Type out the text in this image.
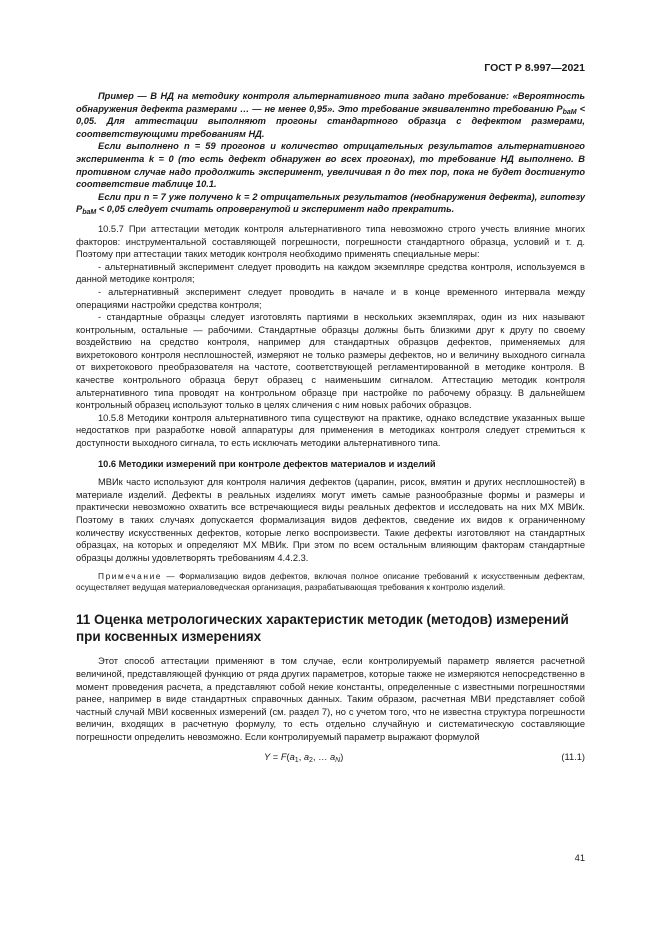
ГОСТ Р 8.997—2021

Пример — В НД на методику контроля альтернативного типа задано требование: «Вероятность обнаружения дефекта размерами … — не менее 0,95». Это требование эквивалентно требованию $P_{baM} < 0,05$. Для аттестации выполняют прогоны стандартного образца с дефектом размерами, соответствующими требованиям НД.

Если выполнено n = 59 прогонов и количество отрицательных результатов альтернативного эксперимента k = 0 (то есть дефект обнаружен во всех прогонах), то требование НД выполнено. В противном случае надо продолжить эксперимент, увеличивая n до тех пор, пока не будет достигнуто соответствие таблице 10.1.

Если при n = 7 уже получено k = 2 отрицательных результатов (необнаружения дефекта), гипотезу $P_{baM} < 0,05$ следует считать опровергнутой и эксперимент надо прекратить.

10.5.7 При аттестации методик контроля альтернативного типа невозможно строго учесть влияние многих факторов: инструментальной составляющей погрешности, погрешности стандартного образца, условий и т. д. Поэтому при аттестации таких методик контроля необходимо применять специальные меры:

- альтернативный эксперимент следует проводить на каждом экземпляре средства контроля, используемся в данной методике контроля;

- альтернативный эксперимент следует проводить в начале и в конце временного интервала между операциями настройки средства контроля;

- стандартные образцы следует изготовлять партиями в нескольких экземплярах, один из них называют контрольным, остальные — рабочими. Стандартные образцы должны быть близкими друг к другу по своему воздействию на средство контроля, например для стандартных образцов дефектов, применяемых для вихретокового контроля несплошностей, измеряют не только размеры дефектов, но и величину выходного сигнала от вихретокового преобразователя на частоте, соответствующей регламентированной в методике контроля. В качестве контрольного образца берут образец с наименьшим сигналом. Аттестацию методик контроля альтернативного типа проводят на контрольном образце при настройке по рабочему образцу. В дальнейшем контрольный образец используют только в целях сличения с ним новых рабочих образцов.

10.5.8 Методики контроля альтернативного типа существуют на практике, однако вследствие указанных выше недостатков при разработке новой аппаратуры для применения в методиках контроля следует стремиться к доступности выходного сигнала, то есть исключать методики альтернативного типа.

10.6 Методики измерений при контроле дефектов материалов и изделий

МВИк часто используют для контроля наличия дефектов (царапин, рисок, вмятин и других несплошностей) в материале изделий. Дефекты в реальных изделиях могут иметь самые разнообразные формы и размеры и практически невозможно охватить все встречающиеся виды реальных дефектов и исследовать на них МХ МВИк. Поэтому в таких случаях допускается формализация видов дефектов, сведение их видов к ограниченному количеству искусственных дефектов, которые легко воспроизвести. Такие дефекты изготовляют на стандартных образцах, на которых и определяют МХ МВИк. При этом по всем остальным влияющим факторам стандартные образцы должны удовлетворять требованиям 4.4.2.3.

Примечание — Формализацию видов дефектов, включая полное описание требований к искусственным дефектам, осуществляет ведущая материаловедческая организация, разрабатывающая требования к контролю изделий.
11 Оценка метрологических характеристик методик (методов) измерений при косвенных измерениях

Этот способ аттестации применяют в том случае, если контролируемый параметр является расчетной величиной, представляющей функцию от ряда других параметров, которые также не измеряются непосредственно в момент проведения расчета, а представляют собой некие константы, определенные с известными погрешностями ранее, например в виде стандартных справочных данных. Таким образом, расчетная МВИ представляет собой частный случай МВИ косвенных измерений (см. раздел 7), но с учетом того, что не известна структура погрешности величин, входящих в расчетную формулу, то есть отдельно случайную и систематическую составляющие погрешности определить невозможно. Если контролируемый параметр выражают формулой

$Y = F(a_1$, $a_2$, … $a_N$)	(11.1)
41
